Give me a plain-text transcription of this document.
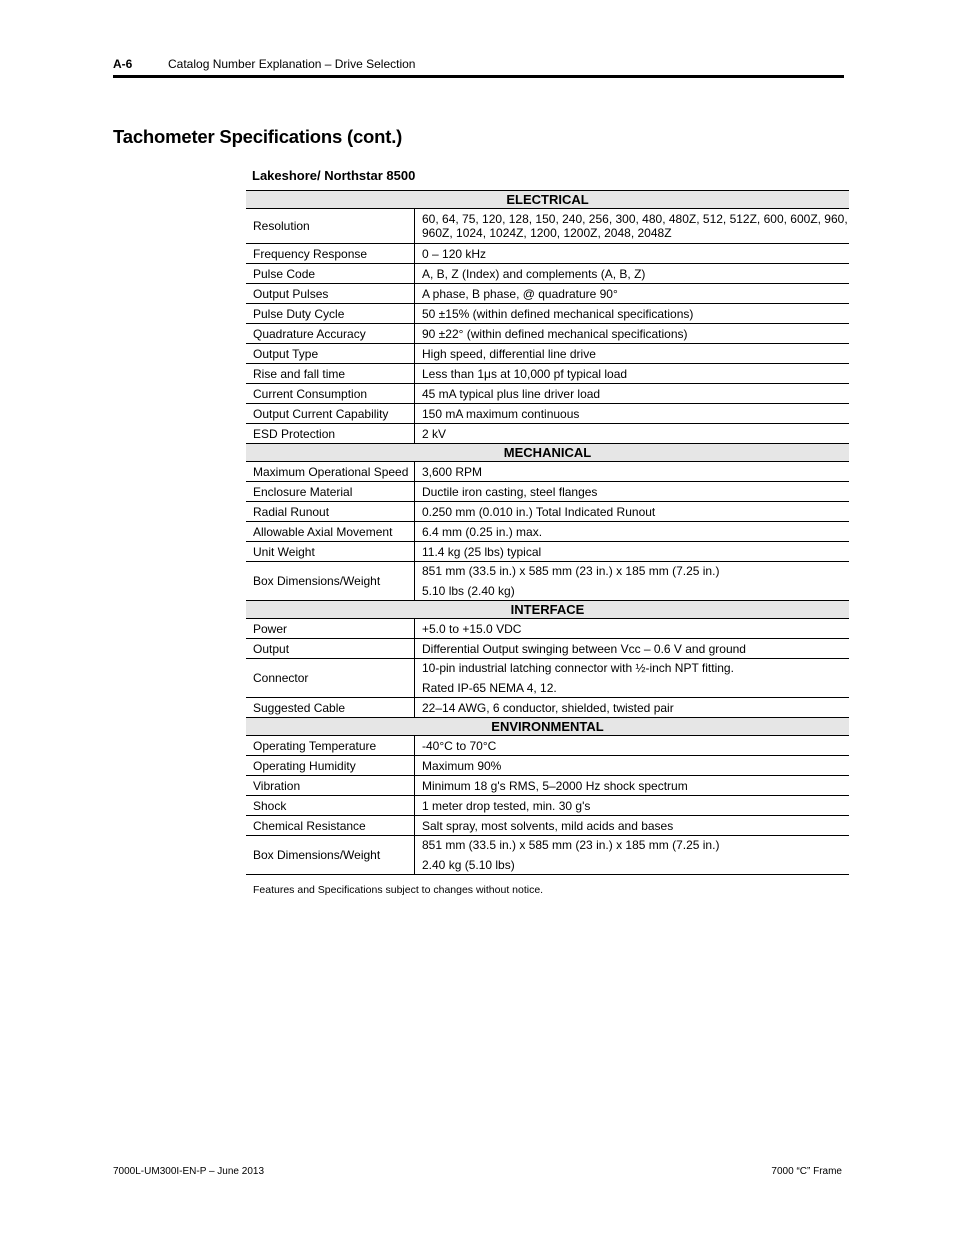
A-6	Catalog Number Explanation – Drive Selection
Tachometer Specifications (cont.)
Lakeshore/ Northstar 8500
ELECTRICAL	
Resolution	60, 64, 75, 120, 128, 150, 240, 256, 300, 480, 480Z, 512, 512Z, 600, 600Z, 960, 960Z, 1024, 1024Z, 1200, 1200Z, 2048, 2048Z
Frequency Response	0 – 120 kHz
Pulse Code	A, B, Z (Index) and complements (A, B, Z)
Output Pulses	A phase, B phase, @ quadrature 90°
Pulse Duty Cycle	50 ±15% (within defined mechanical specifications)
Quadrature Accuracy	90 ±22° (within defined mechanical specifications)
Output Type	High speed, differential line drive
Rise and fall time	Less than 1μs at 10,000 pf typical load
Current Consumption	45 mA typical plus line driver load
Output Current Capability	150 mA maximum continuous
ESD Protection	2 kV
MECHANICAL	
Maximum Operational Speed	3,600 RPM
Enclosure Material	Ductile iron casting, steel flanges
Radial Runout	0.250 mm (0.010 in.) Total Indicated Runout
Allowable Axial Movement	6.4 mm (0.25 in.) max.
Unit Weight	11.4 kg (25 lbs) typical
Box Dimensions/Weight	851 mm (33.5 in.) x 585 mm (23 in.) x 185 mm (7.25 in.)
5.10 lbs (2.40 kg)

INTERFACE	
Power	+5.0 to +15.0 VDC
Output	Differential Output swinging between Vcc – 0.6 V and ground
Connector	10-pin industrial latching connector with ½-inch NPT fitting.
Rated IP-65 NEMA 4, 12.

Suggested Cable	22–14 AWG, 6 conductor, shielded, twisted pair
ENVIRONMENTAL	
Operating Temperature	-40°C to 70°C
Operating Humidity	Maximum 90%
Vibration	Minimum 18 g's RMS, 5–2000 Hz shock spectrum
Shock	1 meter drop tested, min. 30 g's
Chemical Resistance	Salt spray, most solvents, mild acids and bases
Box Dimensions/Weight	851 mm (33.5 in.) x 585 mm (23 in.) x 185 mm (7.25 in.)
2.40 kg (5.10 lbs)
Features and Specifications subject to changes without notice.
7000L-UM300I-EN-P – June 2013	7000 “C” Frame
